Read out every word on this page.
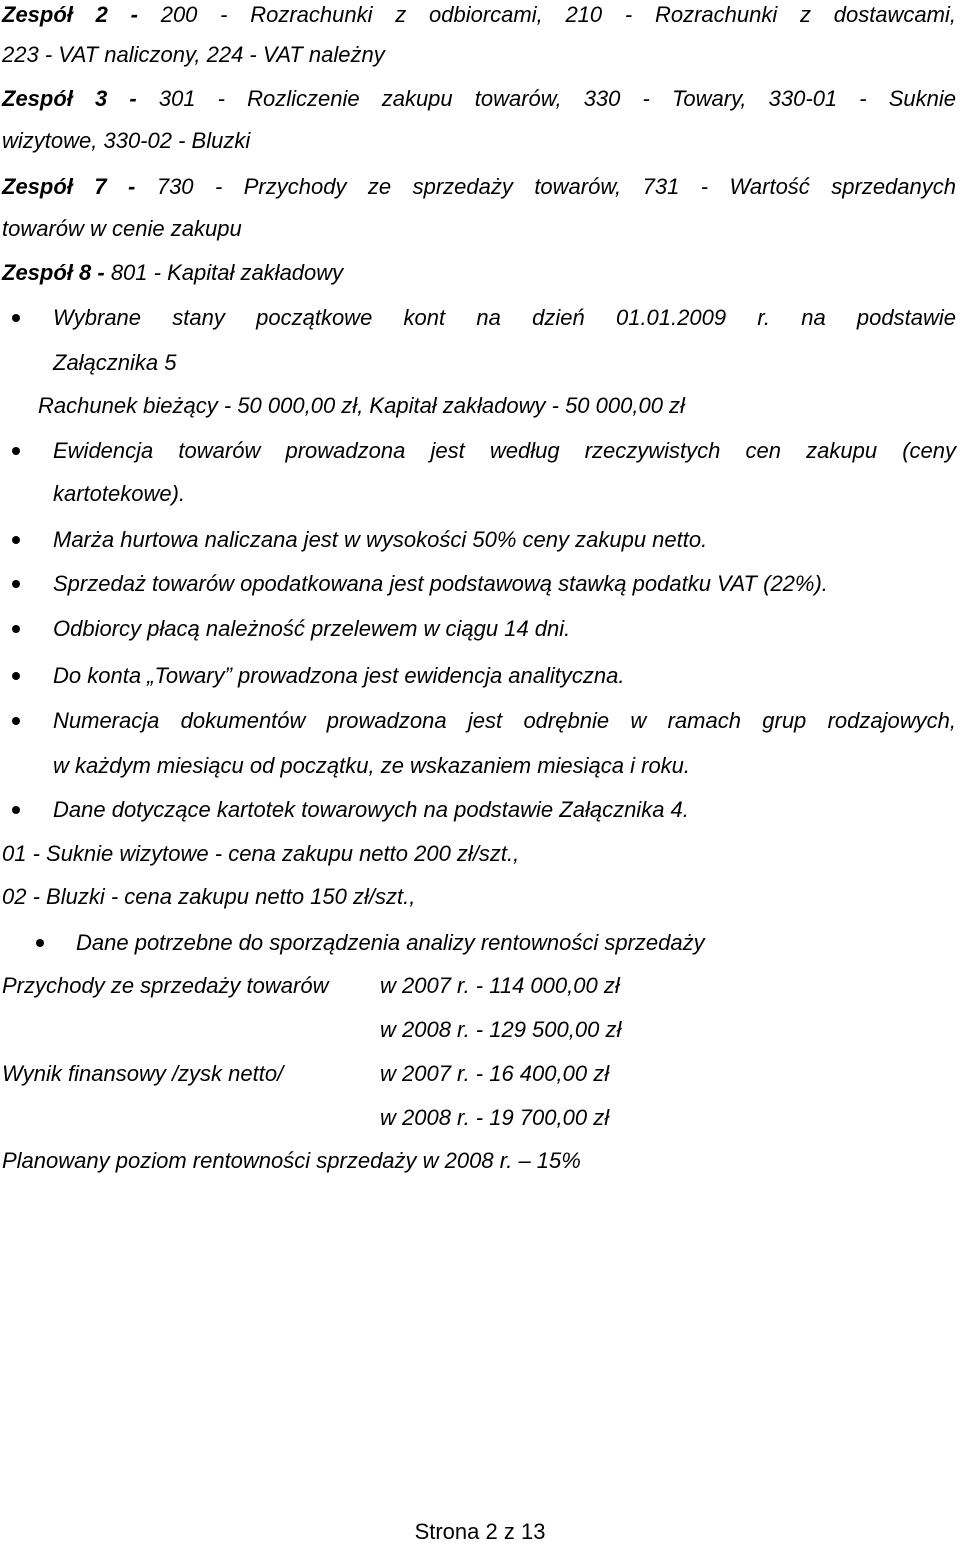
Zespół 2 - 200 - Rozrachunki z odbiorcami, 210 - Rozrachunki z dostawcami,
223 - VAT naliczony, 224 - VAT należny
Zespół 3 - 301 - Rozliczenie zakupu towarów, 330 - Towary, 330-01 - Suknie
wizytowe, 330-02 - Bluzki
Zespół 7 - 730 - Przychody ze sprzedaży towarów, 731 - Wartość sprzedanych
towarów w cenie zakupu
Zespół 8 - 801 - Kapitał zakładowy
Wybrane stany początkowe kont na dzień 01.01.2009 r. na podstawie
Załącznika 5
Rachunek bieżący - 50 000,00 zł, Kapitał zakładowy - 50 000,00 zł
Ewidencja towarów prowadzona jest według rzeczywistych cen zakupu (ceny
kartotekowe).
Marża hurtowa naliczana jest w wysokości 50% ceny zakupu netto.
Sprzedaż towarów opodatkowana jest podstawową stawką podatku VAT (22%).
Odbiorcy płacą należność przelewem w ciągu 14 dni.
Do konta „Towary” prowadzona jest ewidencja analityczna.
Numeracja dokumentów prowadzona jest odrębnie w ramach grup rodzajowych,
w każdym miesiącu od początku, ze wskazaniem miesiąca i roku.
Dane dotyczące kartotek towarowych na podstawie Załącznika 4.
01 - Suknie wizytowe - cena zakupu netto 200 zł/szt.,
02 - Bluzki - cena zakupu netto 150 zł/szt.,
Dane potrzebne do sporządzenia analizy rentowności sprzedaży
Przychody ze sprzedaży towarów w 2007 r. - 114 000,00 zł
w 2008 r. - 129 500,00 zł
Wynik finansowy /zysk netto/	w 2007 r. - 16 400,00 zł
w 2008 r. - 19 700,00 zł
Planowany poziom rentowności sprzedaży w 2008 r. – 15%
Strona 2 z 13
